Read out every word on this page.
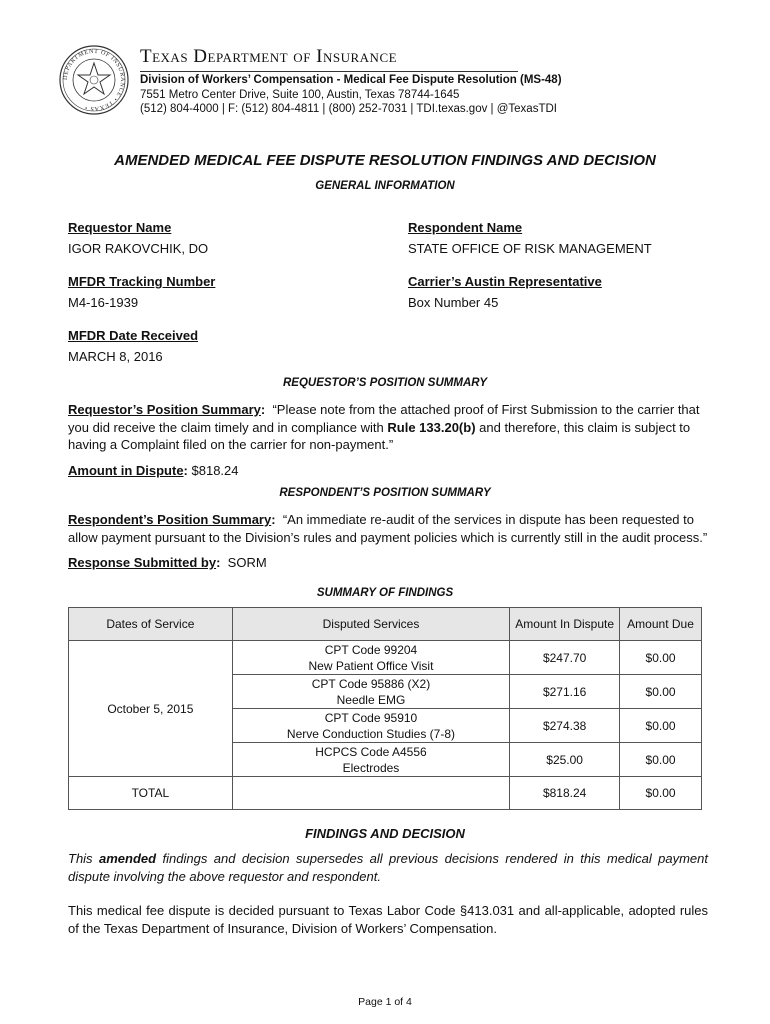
DEPARTMENT OF INSURANCE • TEXAS •
Texas Department of Insurance
Division of Workers’ Compensation - Medical Fee Dispute Resolution (MS-48)
7551 Metro Center Drive, Suite 100, Austin, Texas 78744-1645
(512) 804-4000 | F: (512) 804-4811 | (800) 252-7031 | TDI.texas.gov | @TexasTDI
AMENDED MEDICAL FEE DISPUTE RESOLUTION FINDINGS AND DECISION
GENERAL INFORMATION
Requestor Name
IGOR RAKOVCHIK, DO
Respondent Name
STATE OFFICE OF RISK MANAGEMENT
MFDR Tracking Number
M4-16-1939
Carrier’s Austin Representative
Box Number 45
MFDR Date Received
MARCH 8, 2016
REQUESTOR’S POSITION SUMMARY
Requestor’s Position Summary: “Please note from the attached proof of First Submission to the carrier that you did receive the claim timely and in compliance with Rule 133.20(b) and therefore, this claim is subject to having a Complaint filed on the carrier for non-payment.”
Amount in Dispute: $818.24
RESPONDENT’S POSITION SUMMARY
Respondent’s Position Summary: “An immediate re-audit of the services in dispute has been requested to allow payment pursuant to the Division’s rules and payment policies which is currently still in the audit process.”
Response Submitted by: SORM
SUMMARY OF FINDINGS
Dates of Service	Disputed Services	Amount In Dispute	Amount Due
October 5, 2015	CPT Code 99204
New Patient Office Visit	$247.70	$0.00

	CPT Code 95886 (X2)
Needle EMG	$271.16	$0.00

	CPT Code 95910
Nerve Conduction Studies (7-8)	$274.38	$0.00

	HCPCS Code A4556
Electrodes	$25.00	$0.00
TOTAL		$818.24	$0.00
FINDINGS AND DECISION
This amended findings and decision supersedes all previous decisions rendered in this medical payment dispute involving the above requestor and respondent.
This medical fee dispute is decided pursuant to Texas Labor Code §413.031 and all-applicable, adopted rules of the Texas Department of Insurance, Division of Workers’ Compensation.
Page 1 of 4
